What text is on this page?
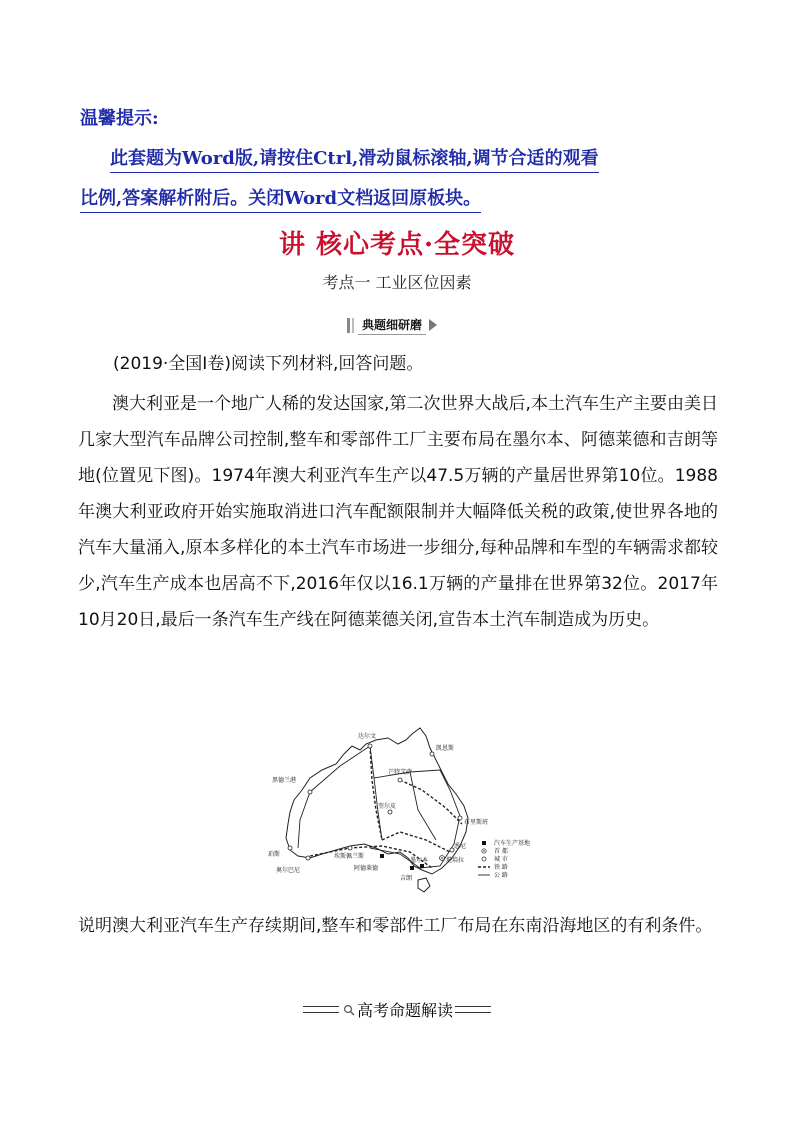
温馨提示:
此套题为Word版,请按住Ctrl,滑动鼠标滚轴,调节合适的观看
比例,答案解析附后。关闭Word文档返回原板块。
讲 核心考点·全突破
考点一 工业区位因素
典题细研磨
(2019·全国Ⅰ卷)阅读下列材料,回答问题。
澳大利亚是一个地广人稀的发达国家,第二次世界大战后,本土汽车生产主要由美日几家大型汽车品牌公司控制,整车和零部件工厂主要布局在墨尔本、阿德莱德和吉朗等地(位置见下图)。1974年澳大利亚汽车生产以47.5万辆的产量居世界第10位。1988年澳大利亚政府开始实施取消进口汽车配额限制并大幅降低关税的政策,使世界各地的汽车大量涌入,原本多样化的本土汽车市场进一步细分,每种品牌和车型的车辆需求都较少,汽车生产成本也居高不下,2016年仅以16.1万辆的产量排在世界第32位。2017年10月20日,最后一条汽车生产线在阿德莱德关闭,宣告本土汽车制造成为历史。
达尔文
凯恩斯
黑德兰港
芒特艾萨
奎尔皮
布里斯班
珀斯
奥尔巴尼
埃斯佩兰斯
阿德莱德
吉朗
墨尔本
悉尼
堪培拉
汽车生产基地
首 都
城 市
铁 路
公 路
说明澳大利亚汽车生产存续期间,整车和零部件工厂布局在东南沿海地区的有利条件。
高考命题解读
